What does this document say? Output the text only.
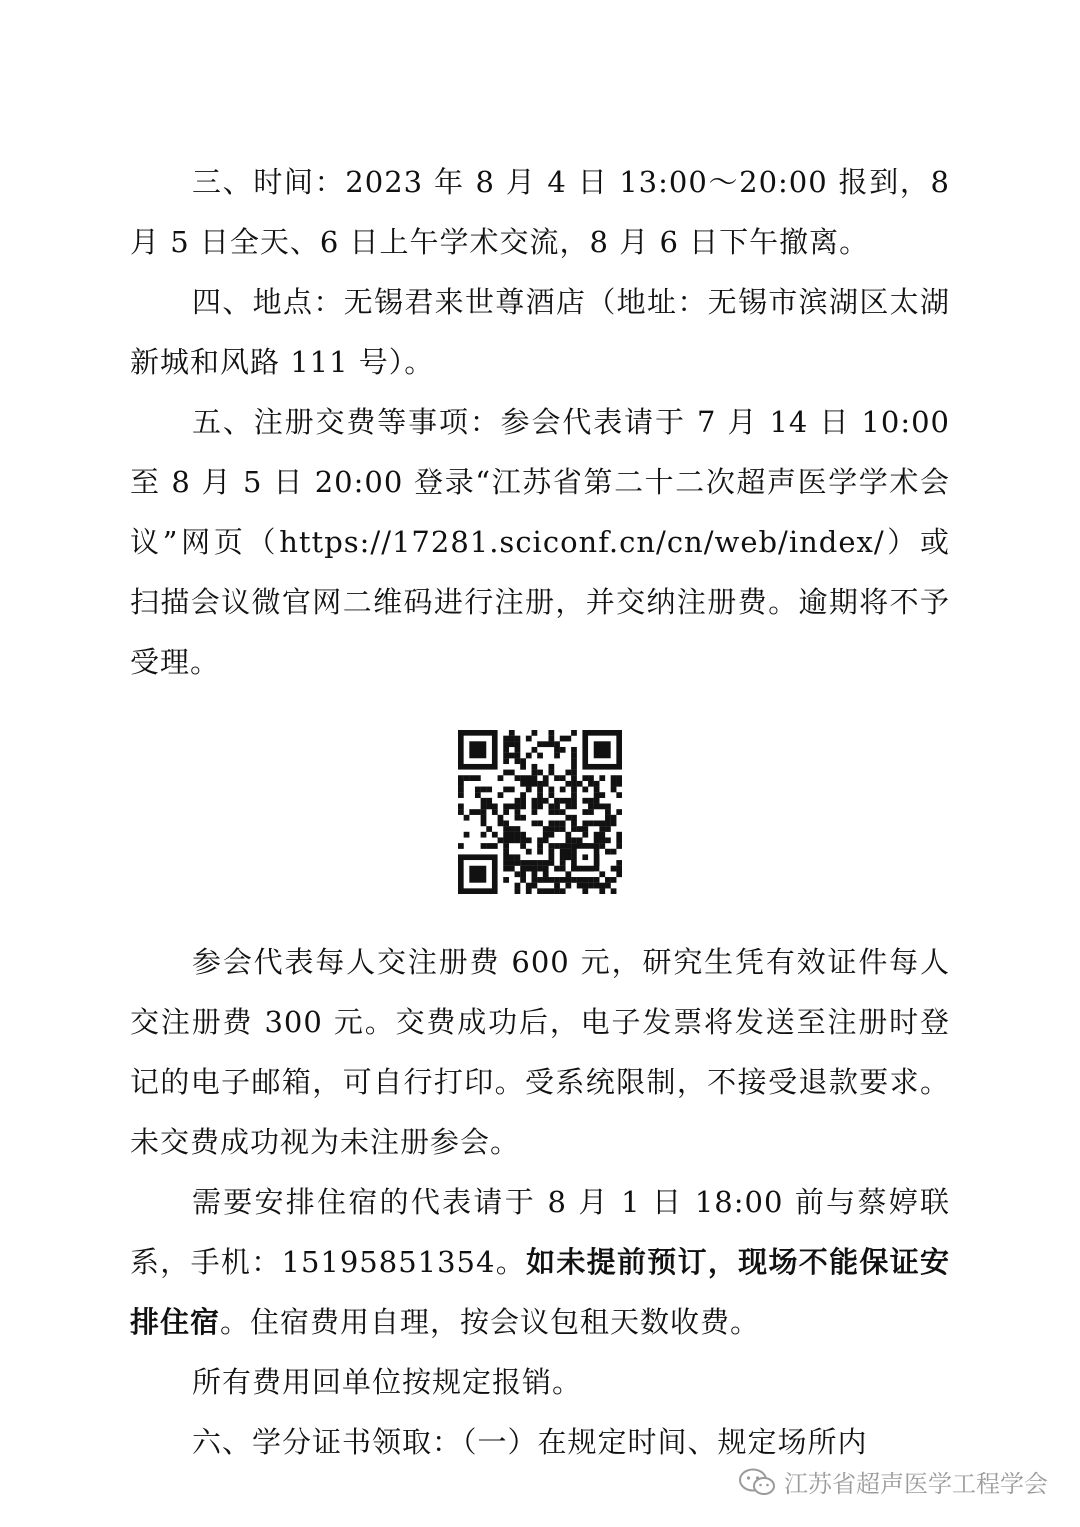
三、时间：2023 年 8 月 4 日 13:00～20:00 报到，8 月 5 日全天、6 日上午学术交流，8 月 6 日下午撤离。

四、地点：无锡君来世尊酒店（地址：无锡市滨湖区太湖新城和风路 111 号）。

五、注册交费等事项：参会代表请于 7 月 14 日 10:00 至 8 月 5 日 20:00 登录“江苏省第二十二次超声医学学术会议”网页（https://17281.sciconf.cn/cn/web/index/）或扫描会议微官网二维码进行注册，并交纳注册费。逾期将不予受理。

参会代表每人交注册费 600 元，研究生凭有效证件每人交注册费 300 元。交费成功后，电子发票将发送至注册时登记的电子邮箱，可自行打印。受系统限制，不接受退款要求。未交费成功视为未注册参会。

需要安排住宿的代表请于 8 月 1 日 18:00 前与蔡婷联系，手机：15195851354。如未提前预订，现场不能保证安排住宿。住宿费用自理，按会议包租天数收费。

所有费用回单位按规定报销。

六、学分证书领取：（一）在规定时间、规定场所内

江苏省超声医学工程学会
